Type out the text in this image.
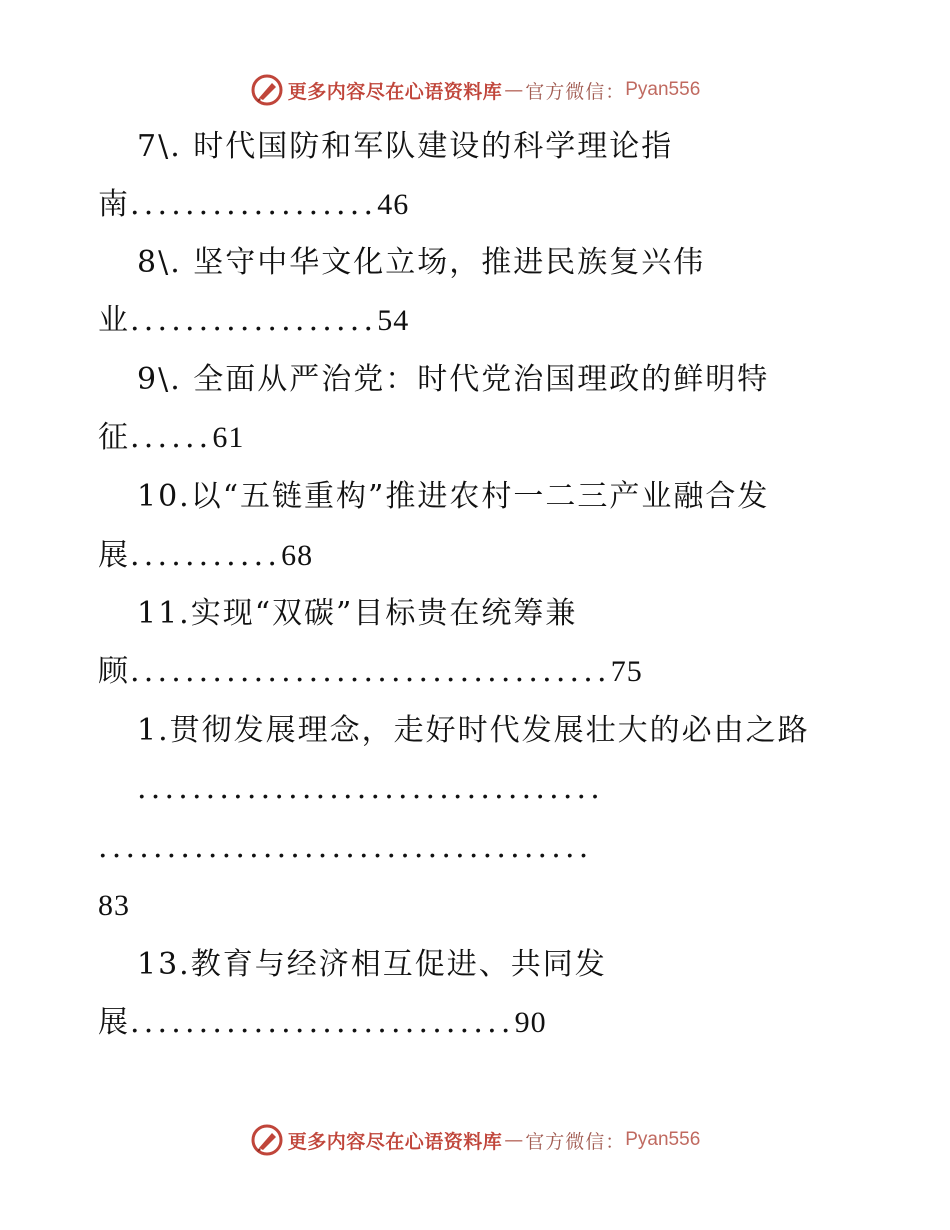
更多内容尽在心语资料库 — 官方微信： Pyan556
7\. 时代国防和军队建设的科学理论指
南..................46
8\. 坚守中华文化立场，推进民族复兴伟
业..................54
9\. 全面从严治党：时代党治国理政的鲜明特
征......61
10.以“五链重构”推进农村一二三产业融合发
展...........68
11.实现“双碳”目标贵在统筹兼
顾...................................75
1.贯彻发展理念，走好时代发展壮大的必由之路
..................................
....................................
83
13.教育与经济相互促进、共同发
展............................90
更多内容尽在心语资料库 — 官方微信： Pyan556
